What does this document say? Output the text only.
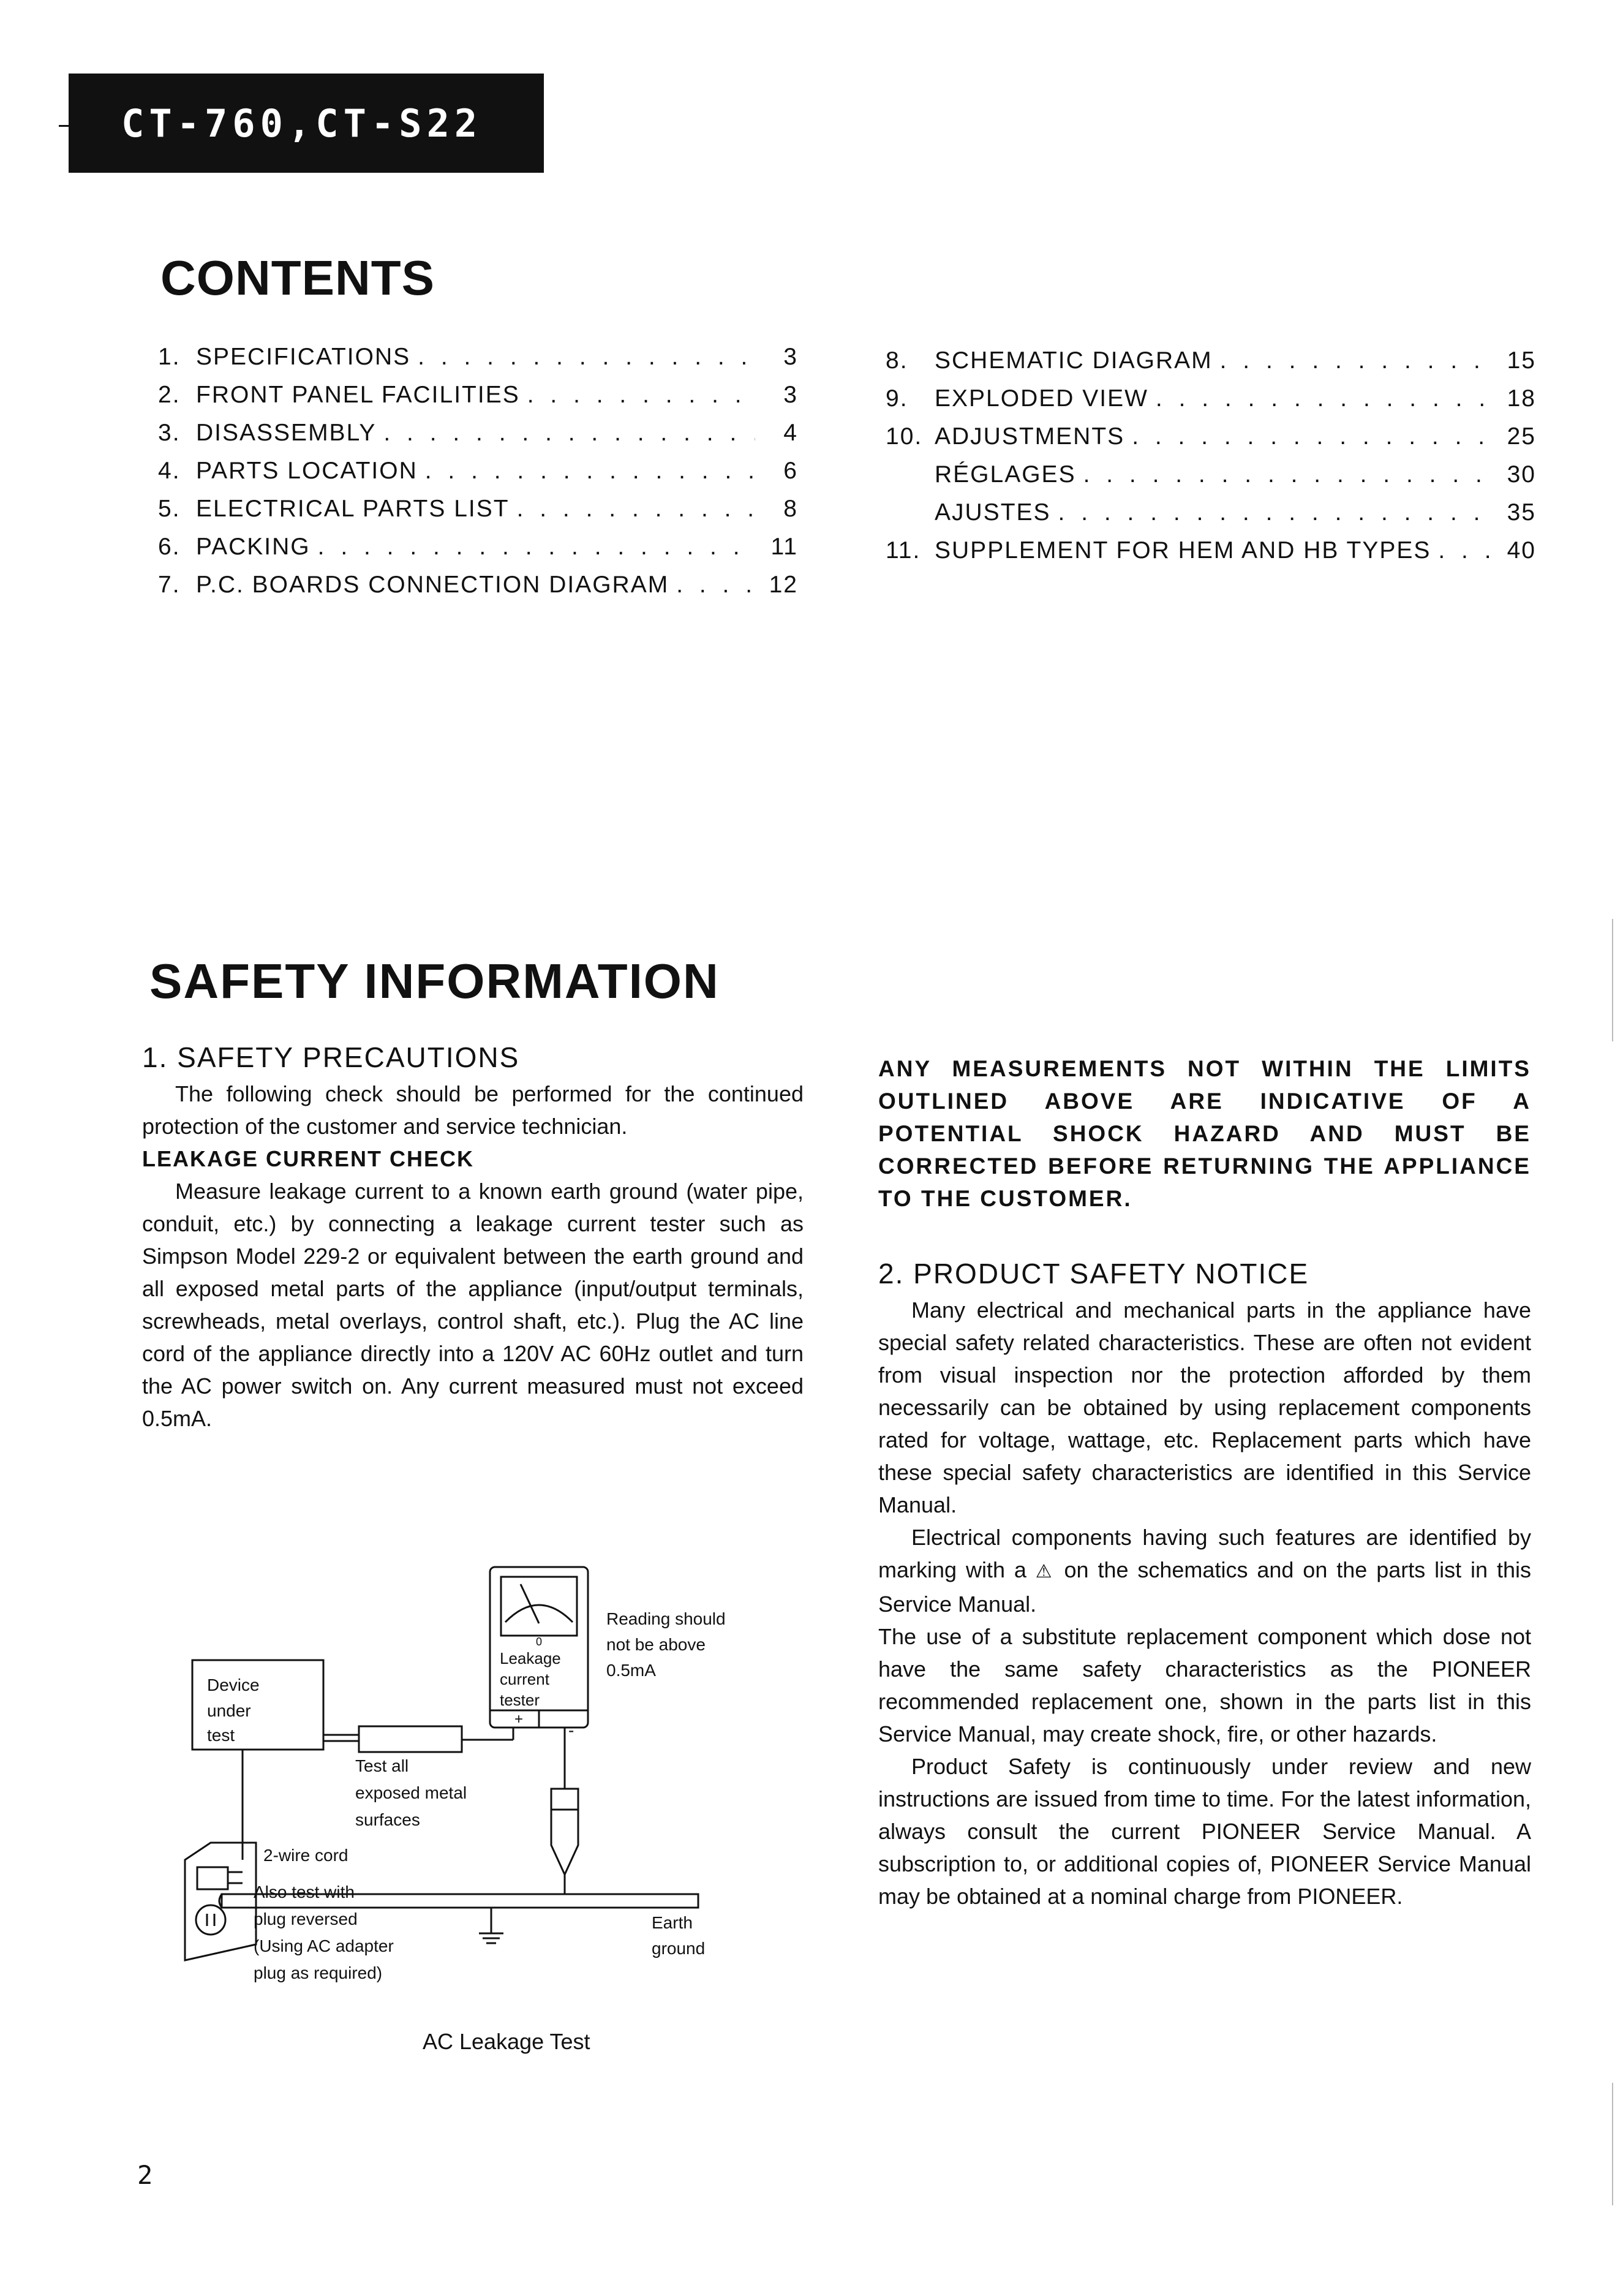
CT-760,CT-S22
CONTENTS
1. SPECIFICATIONS . . .	3
2. FRONT PANEL FACILITIES . . .	3
3. DISASSEMBLY . . .	4
4. PARTS LOCATION . . .	6
5. ELECTRICAL PARTS LIST . . .	8
6. PACKING . . .	11
7. P.C. BOARDS CONNECTION DIAGRAM . . .	12
8.	SCHEMATIC DIAGRAM . . .	15
9.	EXPLODED VIEW . . .	18
10. ADJUSTMENTS . . .	25
RÉGLAGES . . .	30
AJUSTES . . .	35
11. SUPPLEMENT FOR HEM AND HB TYPES . . .	40
SAFETY INFORMATION
1. SAFETY PRECAUTIONS

The following check should be performed for the continued protection of the customer and service technician.

LEAKAGE CURRENT CHECK

Measure leakage current to a known earth ground (water pipe, conduit, etc.) by connecting a leakage current tester such as Simpson Model 229-2 or equivalent between the earth ground and all exposed metal parts of the appliance (input/output terminals, screwheads, metal overlays, control shaft, etc.). Plug the AC line cord of the appliance directly into a 120V AC 60Hz outlet and turn the AC power switch on. Any current measured must not exceed 0.5mA.

ANY MEASUREMENTS NOT WITHIN THE LIMITS OUTLINED ABOVE ARE INDICATIVE OF A POTENTIAL SHOCK HAZARD AND MUST BE CORRECTED BEFORE RETURNING THE APPLIANCE TO THE CUSTOMER.

2. PRODUCT SAFETY NOTICE

Many electrical and mechanical parts in the appliance have special safety related characteristics. These are often not evident from visual inspection nor the protection afforded by them necessarily can be obtained by using replacement components rated for voltage, wattage, etc. Replacement parts which have these special safety characteristics are identified in this Service Manual.

Electrical components having such features are identified by marking with a ⚠ on the schematics and on the parts list in this Service Manual.

The use of a substitute replacement component which dose not have the same safety characteristics as the PIONEER recommended replacement one, shown in the parts list in this Service Manual, may create shock, fire, or other hazards.

Product Safety is continuously under review and new instructions are issued from time to time. For the latest information, always consult the current PIONEER Service Manual. A subscription to, or additional copies of, PIONEER Service Manual may be obtained at a nominal charge from PIONEER.

Device
under
test
0
Leakage
current
tester
+
-
Reading should
not be above
0.5mA
Test all
exposed metal
surfaces
2-wire cord
Also test with
plug reversed
(Using AC adapter
plug as required)
Earth
ground
AC Leakage Test
2
